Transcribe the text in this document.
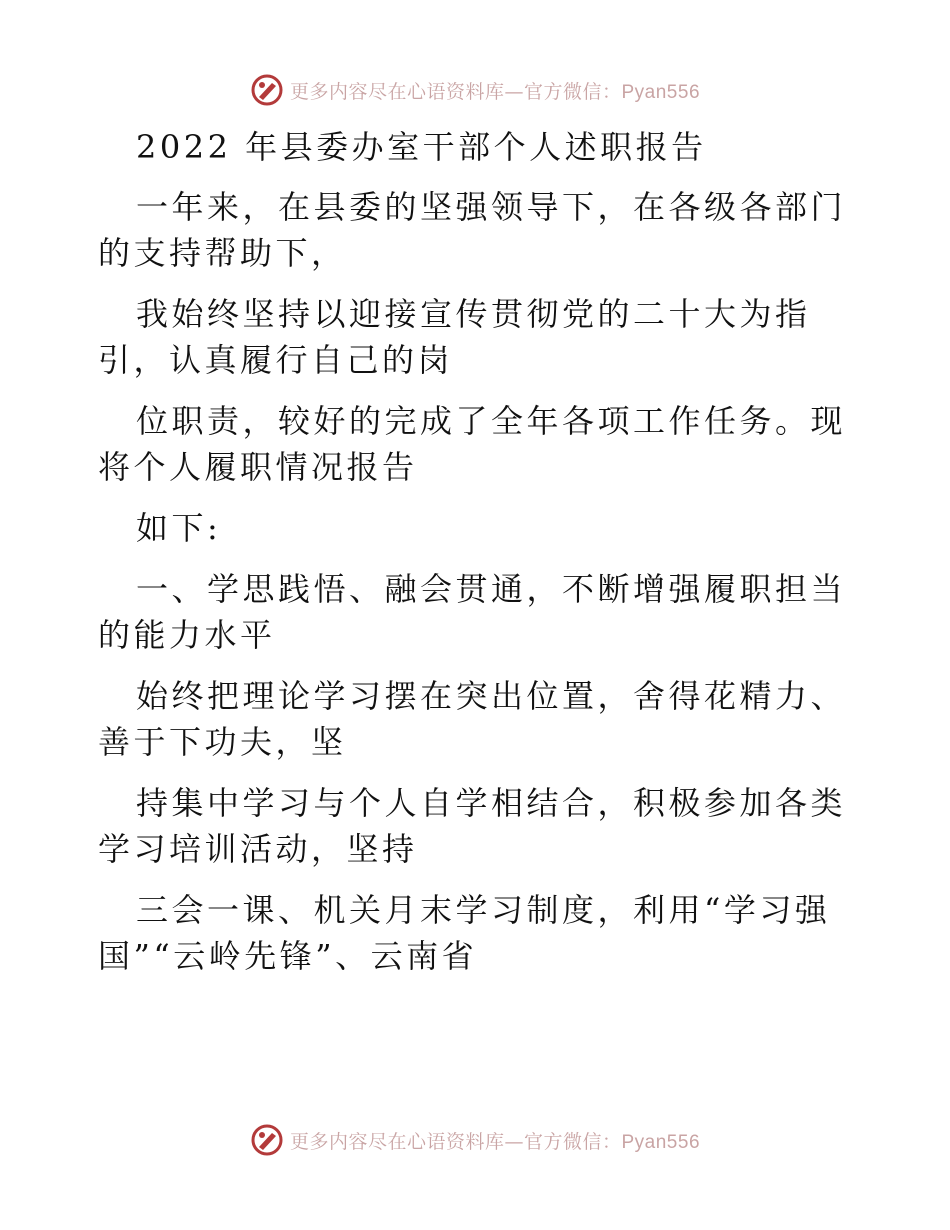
更多内容尽在心语资料库—官方微信：Pyan556

2022 年县委办室干部个人述职报告

一年来，在县委的坚强领导下，在各级各部门的支持帮助下，

我始终坚持以迎接宣传贯彻党的二十大为指引，认真履行自己的岗

位职责，较好的完成了全年各项工作任务。现将个人履职情况报告

如下:

一、学思践悟、融会贯通，不断增强履职担当的能力水平

始终把理论学习摆在突出位置，舍得花精力、善于下功夫，坚

持集中学习与个人自学相结合，积极参加各类学习培训活动，坚持

三会一课、机关月末学习制度，利用“学习强国”“云岭先锋”、云南省

更多内容尽在心语资料库—官方微信：Pyan556
